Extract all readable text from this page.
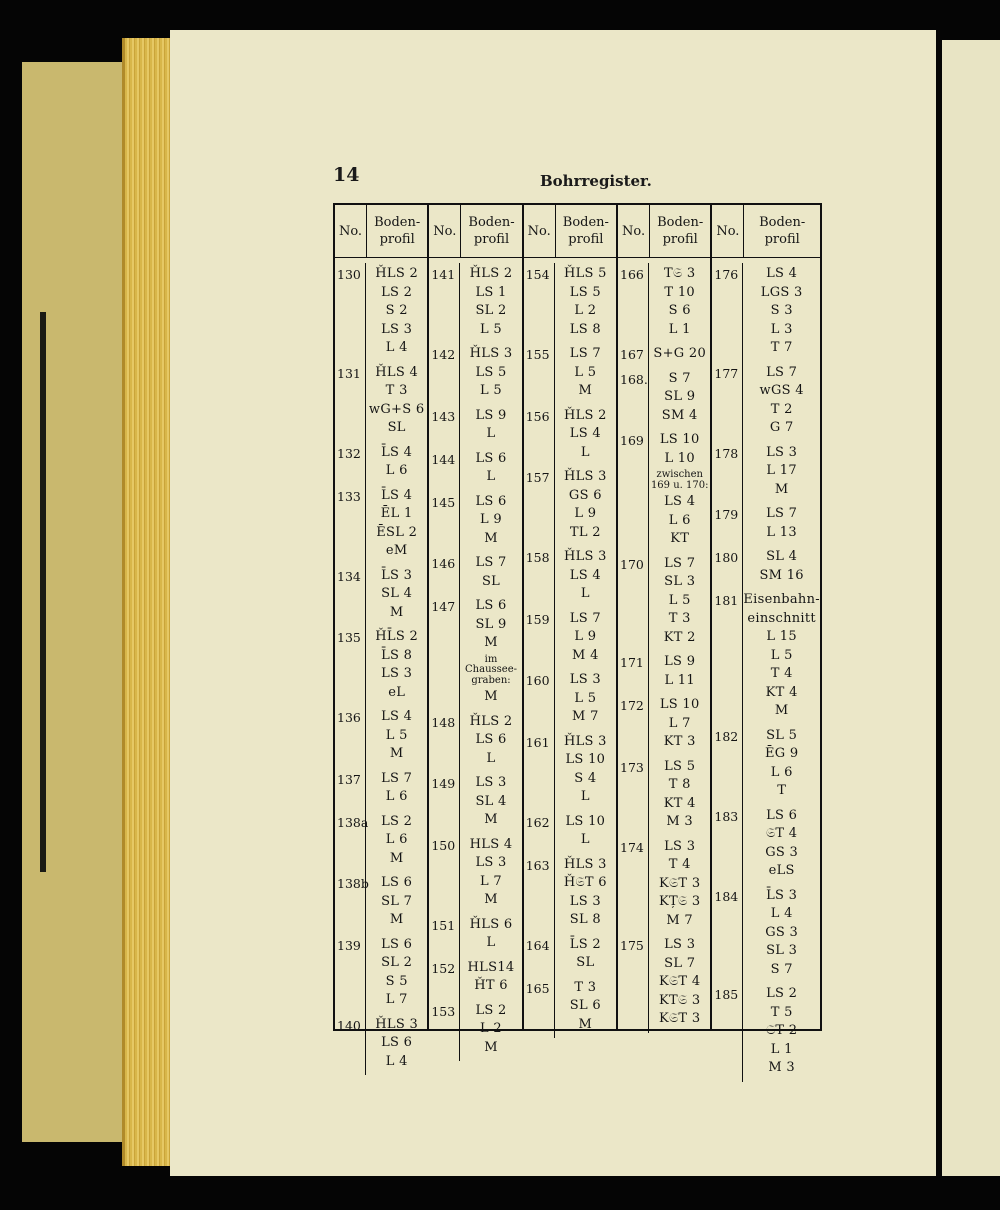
14	Bohrregister.
No.
Boden-
profil
130	ȞLS 2
LS 2
S 2
LS 3
L 4
131	ȞLS 4
T 3
wG+S 6
SL
132	L̄S 4
L 6
133	L̄S 4
ĒL 1
ĒSL 2
eM
134	L̄S 3
SL 4
M
135	ȞL̄S 2
L̄S 8
LS 3
eL
136	LS 4
L 5
M
137	LS 7
L 6
138a LS 2
L 6
M
138b LS 6
SL 7
M
139	LS 6
SL 2
S 5
L 7
140	ȞLS 3
LS 6
L 4
No.
Boden-
profil
141	ȞLS 2
LS 1
SL 2
L 5
142	ȞLS 3
LS 5
L 5
143	LS 9
L
144	LS 6
L
145	LS 6
L 9
M
146	LS 7
SL
147	LS 6
SL 9
M
im Chaussee- graben:
M
148	ȞLS 2
LS 6
L
149	LS 3
SL 4
M
150	HLS 4
LS 3
L 7
M
151	ȞLS 6
L
152 HLS14
ȞT 6
153	LS 2
L 2
M
No.
Boden-
profil
154	ȞLS 5
LS 5
L 2
LS 8
155	LS 7
L 5
M
156	ȞLS 2
LS 4
L
157	ȞLS 3
GS 6
L 9
TL 2
158	ȞLS 3
LS 4
L
159	LS 7
L 9
M 4
160	LS 3
L 5
M 7
161	ȞLS 3
LS 10
S 4
L
162	LS 10
L
163	ȞLS 3
Ȟ𝔖T 6
LS 3
SL 8
164	L̄S 2
SL
165	T 3
SL 6
M
No.
Boden-
profil
166	T𝔖 3
T 10
S 6
L 1
167 S+G 20
168.	S 7
SL 9
SM 4
169	LS 10
L 10
zwischen 169 u. 170:
LS 4
L 6
KT
170	LS 7
SL 3
L 5
T 3
KT 2
171	LS 9
L 11
172	LS 10
L 7
KT 3
173	LS 5
T 8
KT 4
M 3
174	LS 3
T 4
K𝔖T 3
KȚ𝔖 3
M 7
175	LS 3
SL 7
K𝔖T 4
KT𝔖 3
K𝔖T 3
No.
Boden-
profil
176	LS 4
LGS 3
S 3
L 3
T 7
177	LS 7
wGS 4
T 2
G 7
178	LS 3
L 17
M
179	LS 7
L 13
180	SL 4
SM 16
181 Eisenbahn-
einschnitt
L 15
L 5
T 4
KT 4
M
182	SL 5
ĒG 9
L 6
T
183	LS 6
𝔖T 4
GS 3
eLS
184	L̄S 3
L 4
GS 3
SL 3
S 7
185	LS 2
T 5
𝔖T 2
L 1
M 3
